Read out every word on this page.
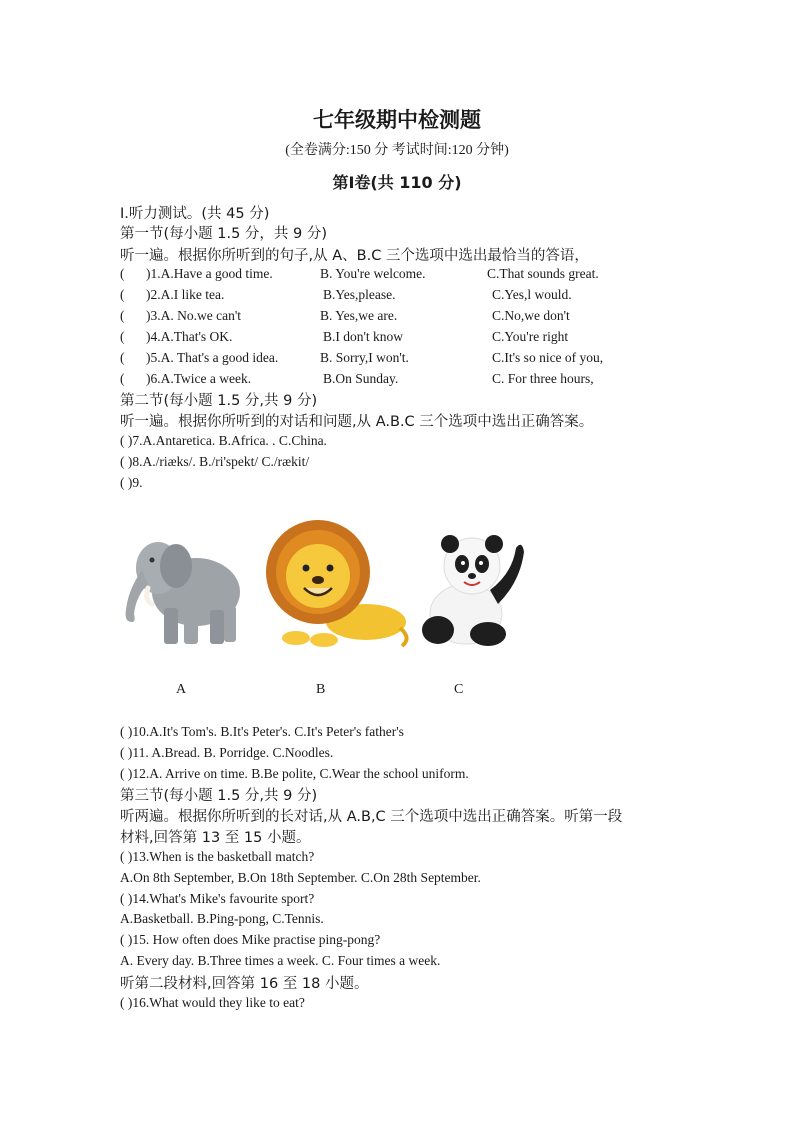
七年级期中检测题
(全卷满分:150 分 考试时间:120 分钟)
第Ⅰ卷(共 110 分)
Ⅰ.听力测试。(共 45 分)
第一节(每小题 1.5 分，共 9 分)
听一遍。根据你所听到的句子,从 A、B.C 三个选项中选出最恰当的答语，
( )1.A.Have a good time.	B. You're welcome.	C.That sounds great.
( )2.A.I like tea.	B.Yes,please.	C.Yes,l would.
( )3.A. No.we can't	B. Yes,we are.	C.No,we don't
( )4.A.That's OK.	B.I don't know	C.You're right
( )5.A. That's a good idea.	B. Sorry,I won't.	C.It's so nice of you,
( )6.A.Twice a week.	B.On Sunday.	C. For three hours,
第二节(每小题 1.5 分,共 9 分)
听一遍。根据你所听到的对话和问题,从 A.B.C 三个选项中选出正确答案。
( )7.A.Antaretica. B.Africa. . C.China.
( )8.A./riæks/. B./ri'spekt/ C./rækit/
( )9.
A	B	C
( )10.A.It's Tom's. B.It's Peter's. C.It's Peter's father's
( )11. A.Bread. B. Porridge. C.Noodles.
( )12.A. Arrive on time. B.Be polite, C.Wear the school uniform.
第三节(每小题 1.5 分,共 9 分)
听两遍。根据你所听到的长对话,从 A.B,C 三个选项中选出正确答案。听第一段
材料,回答第 13 至 15 小题。
( )13.When is the basketball match?
A.On 8th September, B.On 18th September. C.On 28th September.
( )14.What's Mike's favourite sport?
A.Basketball. B.Ping-pong, C.Tennis.
( )15. How often does Mike practise ping-pong?
A. Every day. B.Three times a week. C. Four times a week.
听第二段材料,回答第 16 至 18 小题。
( )16.What would they like to eat?
